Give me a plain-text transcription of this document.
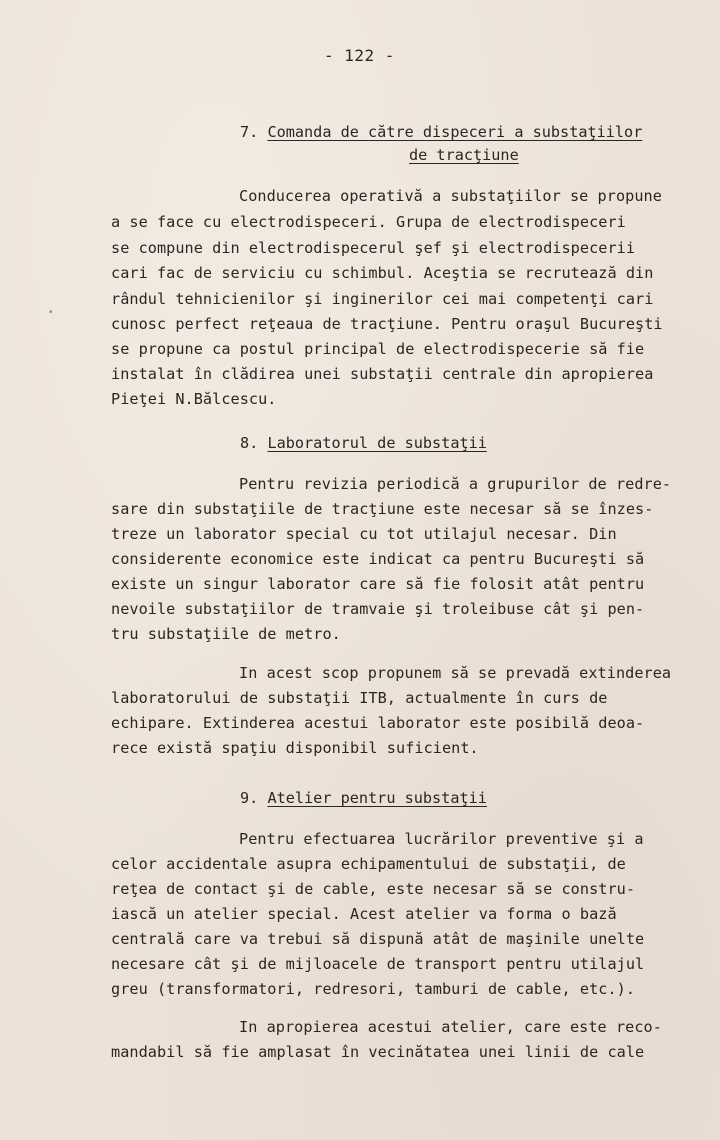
- 122 -
7. Comanda de către dispeceri a substaţiilor
de tracţiune
Conducerea operativă a substaţiilor se propune
a se face cu electrodispeceri. Grupa de electrodispeceri
se compune din electrodispecerul şef şi electrodispecerii
cari fac de serviciu cu schimbul. Aceştia se recrutează din
rândul tehnicienilor şi inginerilor cei mai competenţi cari
cunosc perfect reţeaua de tracţiune. Pentru oraşul Bucureşti
se propune ca postul principal de electrodispecerie să fie
instalat în clădirea unei substaţii centrale din apropierea
Pieţei N.Bălcescu.
8. Laboratorul de substaţii
Pentru revizia periodică a grupurilor de redre-
sare din substaţiile de tracţiune este necesar să se înzes-
treze un laborator special cu tot utilajul necesar. Din
considerente economice este indicat ca pentru Bucureşti să
existe un singur laborator care să fie folosit atât pentru
nevoile substaţiilor de tramvaie şi troleibuse cât şi pen-
tru substaţiile de metro.
In acest scop propunem să se prevadă extinderea
laboratorului de substaţii ITB, actualmente în curs de
echipare. Extinderea acestui laborator este posibilă deoa-
rece există spaţiu disponibil suficient.
9. Atelier pentru substaţii
Pentru efectuarea lucrărilor preventive şi a
celor accidentale asupra echipamentului de substaţii, de
reţea de contact şi de cable, este necesar să se constru-
iască un atelier special. Acest atelier va forma o bază
centrală care va trebui să dispună atât de maşinile unelte
necesare cât şi de mijloacele de transport pentru utilajul
greu (transformatori, redresori, tamburi de cable, etc.).
In apropierea acestui atelier, care este reco-
mandabil să fie amplasat în vecinătatea unei linii de cale
•
